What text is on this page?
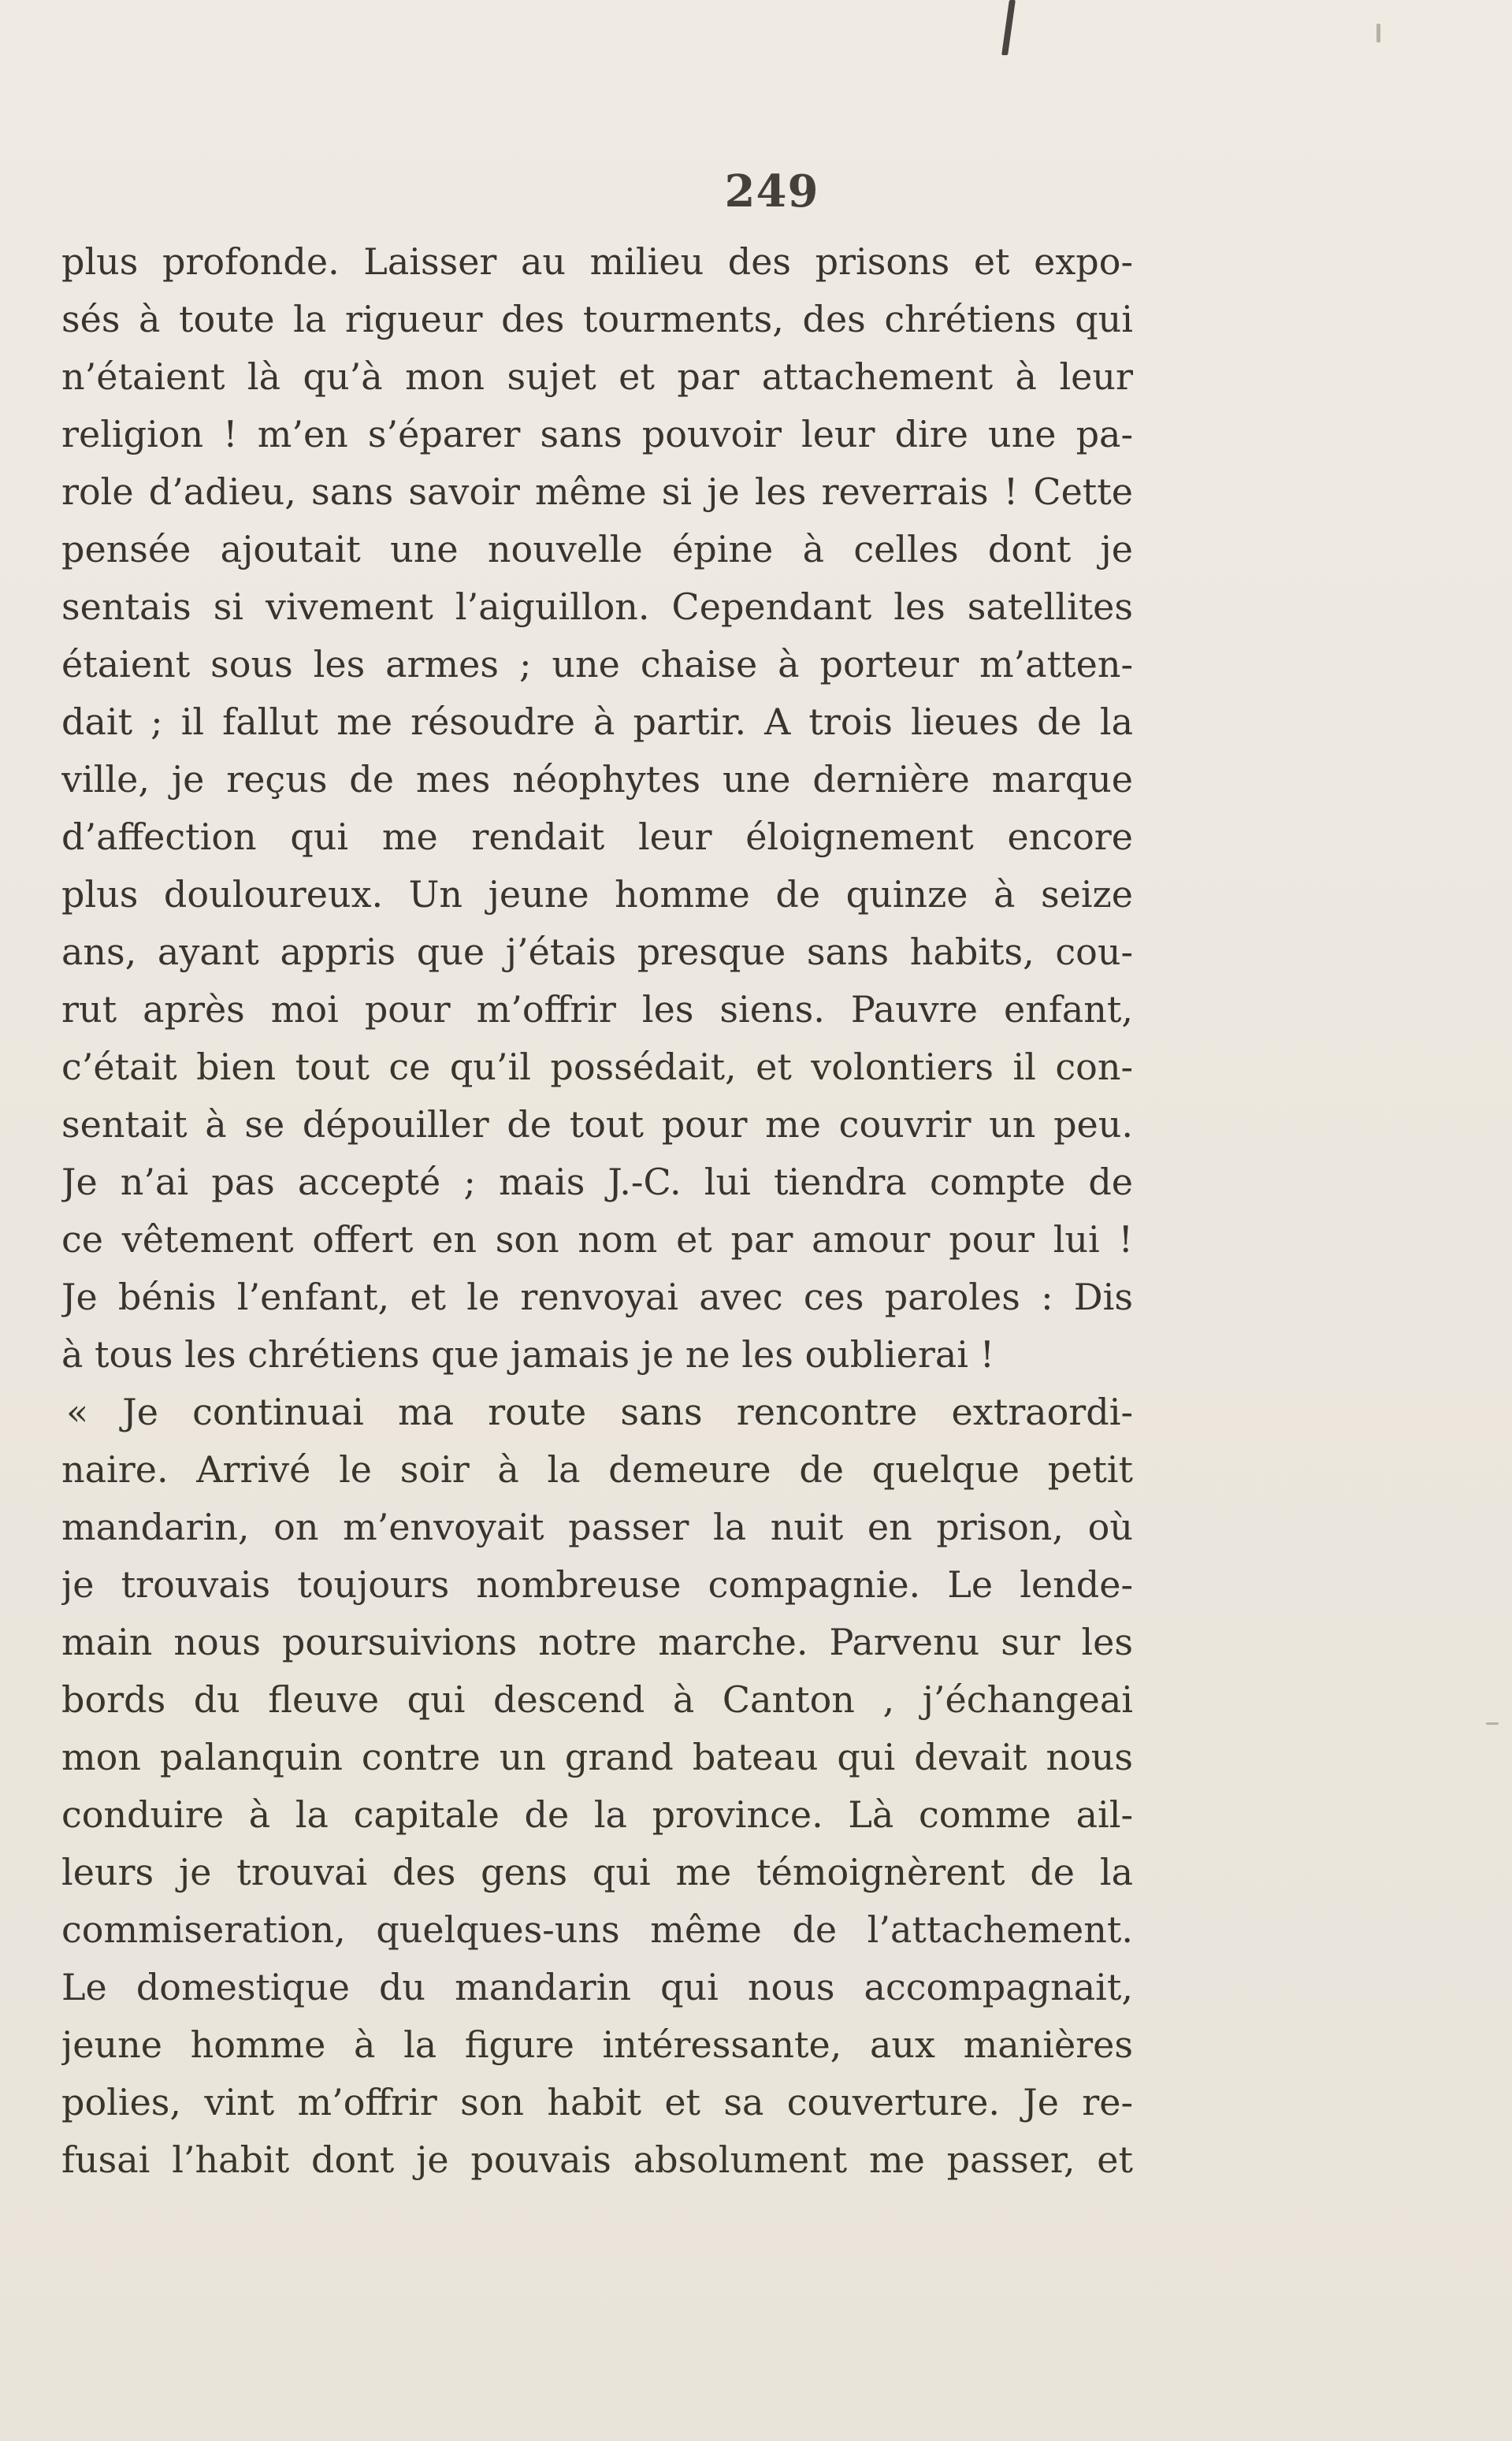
249
plus profonde. Laisser au milieu des prisons et expo-
sés à toute la rigueur des tourments, des chrétiens qui
n’étaient là qu’à mon sujet et par attachement à leur
religion ! m’en s’éparer sans pouvoir leur dire une pa-
role d’adieu, sans savoir même si je les reverrais ! Cette
pensée ajoutait une nouvelle épine à celles dont je
sentais si vivement l’aiguillon. Cependant les satellites
étaient sous les armes ; une chaise à porteur m’atten-
dait ; il fallut me résoudre à partir. A trois lieues de la
ville, je reçus de mes néophytes une dernière marque
d’affection qui me rendait leur éloignement encore
plus douloureux. Un jeune homme de quinze à seize
ans, ayant appris que j’étais presque sans habits, cou-
rut après moi pour m’offrir les siens. Pauvre enfant,
c’était bien tout ce qu’il possédait, et volontiers il con-
sentait à se dépouiller de tout pour me couvrir un peu.
Je n’ai pas accepté ; mais J.-C. lui tiendra compte de
ce vêtement offert en son nom et par amour pour lui !
Je bénis l’enfant, et le renvoyai avec ces paroles : Dis
à tous les chrétiens que jamais je ne les oublierai !
« Je continuai ma route sans rencontre extraordi-
naire. Arrivé le soir à la demeure de quelque petit
mandarin, on m’envoyait passer la nuit en prison, où
je trouvais toujours nombreuse compagnie. Le lende-
main nous poursuivions notre marche. Parvenu sur les
bords du fleuve qui descend à Canton , j’échangeai
mon palanquin contre un grand bateau qui devait nous
conduire à la capitale de la province. Là comme ail-
leurs je trouvai des gens qui me témoignèrent de la
commiseration, quelques-uns même de l’attachement.
Le domestique du mandarin qui nous accompagnait,
jeune homme à la figure intéressante, aux manières
polies, vint m’offrir son habit et sa couverture. Je re-
fusai l’habit dont je pouvais absolument me passer, et
